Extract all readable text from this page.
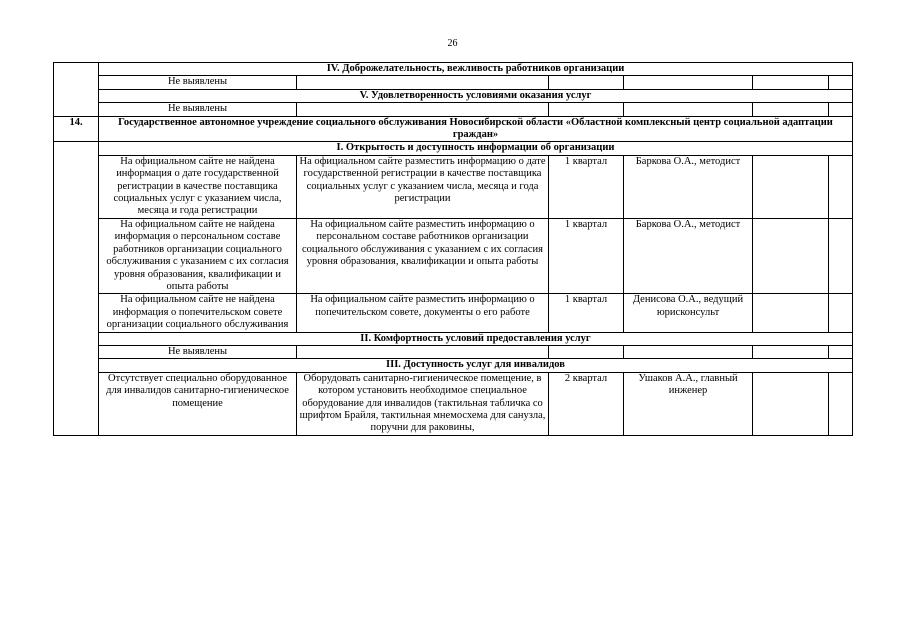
26
	IV. Доброжелательность, вежливость работников организации					
	Не выявлены					
	V. Удовлетворенность условиями оказания услуг					
	Не выявлены					
14.	Государственное автономное учреждение социального обслуживания Новосибирской области «Областной комплексный центр социальной адаптации граждан»					
	I. Открытость и доступность информации об организации					
	На официальном сайте не найдена информация о дате государственной регистрации в качестве поставщика социальных услуг с указанием числа, месяца и года регистрации	На официальном сайте разместить информацию о дате государственной регистрации в качестве поставщика социальных услуг с указанием числа, месяца и года регистрации	1 квартал	Баркова О.А., методист		
	На официальном сайте не найдена информация о персональном составе работников организации социального обслуживания с указанием с их согласия уровня образования, квалификации и опыта работы	На официальном сайте разместить информацию о персональном составе работников организации социального обслуживания с указанием с их согласия уровня образования, квалификации и опыта работы	1 квартал	Баркова О.А., методист		
	На официальном сайте не найдена информация о попечительском совете организации социального обслуживания	На официальном сайте разместить информацию о попечительском совете, документы о его работе	1 квартал	Денисова О.А., ведущий юрисконсульт		
	II. Комфортность условий предоставления услуг					
	Не выявлены					
	III. Доступность услуг для инвалидов					
	Отсутствует специально оборудованное для инвалидов санитарно-гигиеническое помещение	Оборудовать санитарно-гигиеническое помещение, в котором установить необходимое специальное оборудование для инвалидов (тактильная табличка со шрифтом Брайля, тактильная мнемосхема для санузла, поручни для раковины,	2 квартал	Ушаков А.А., главный инженер		
